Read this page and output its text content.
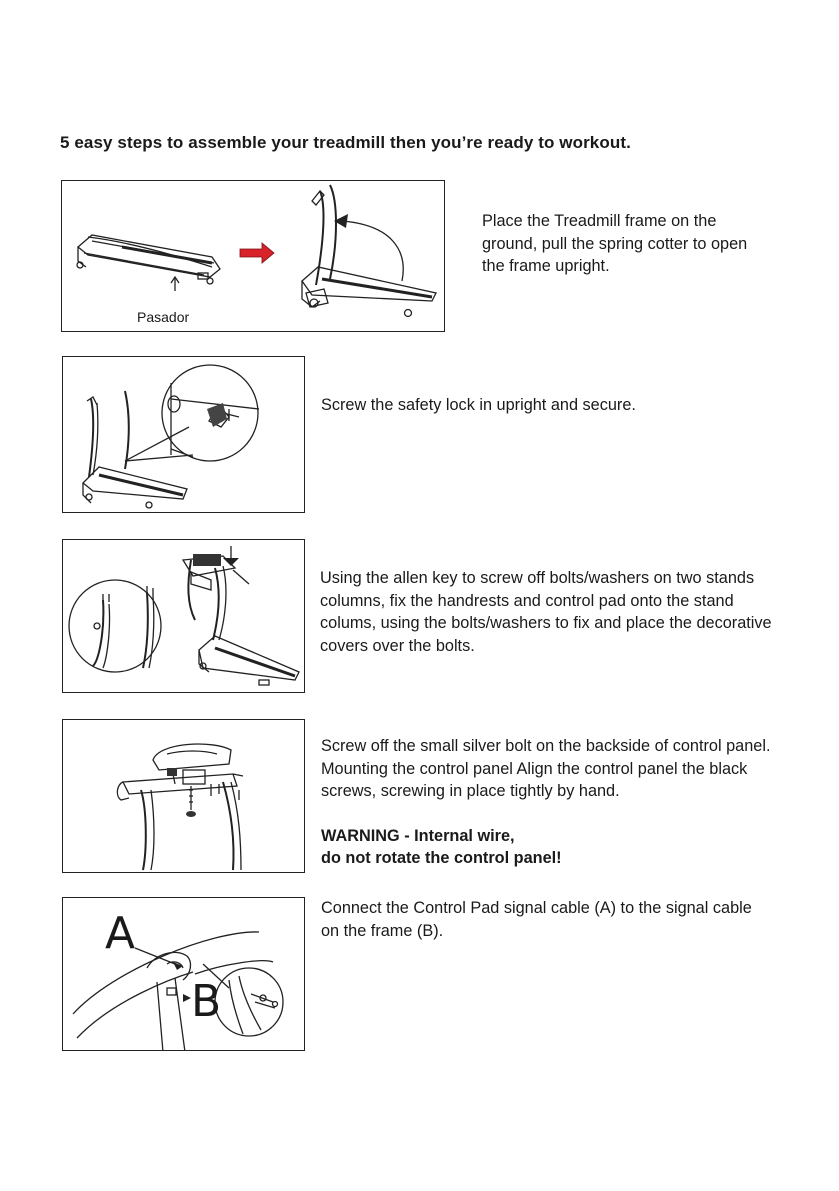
5 easy steps to assemble your treadmill then you’re ready to workout.
Pasador
Place the Treadmill frame on the ground, pull the spring cotter to open the frame upright.
Screw the safety lock in upright and secure.
Using the allen key to screw off bolts/washers on two stands columns, fix the handrests and control pad onto the stand colums, using the bolts/washers to fix and place the decorative covers over the bolts.

Screw off the small silver bolt on the backside of control panel. Mounting the control panel Align the control panel the black screws, screwing in place tightly by hand.

WARNING - Internal wire,

do not rotate the control panel!

A
B
Connect the Control Pad signal cable (A) to the signal cable on the frame (B).
